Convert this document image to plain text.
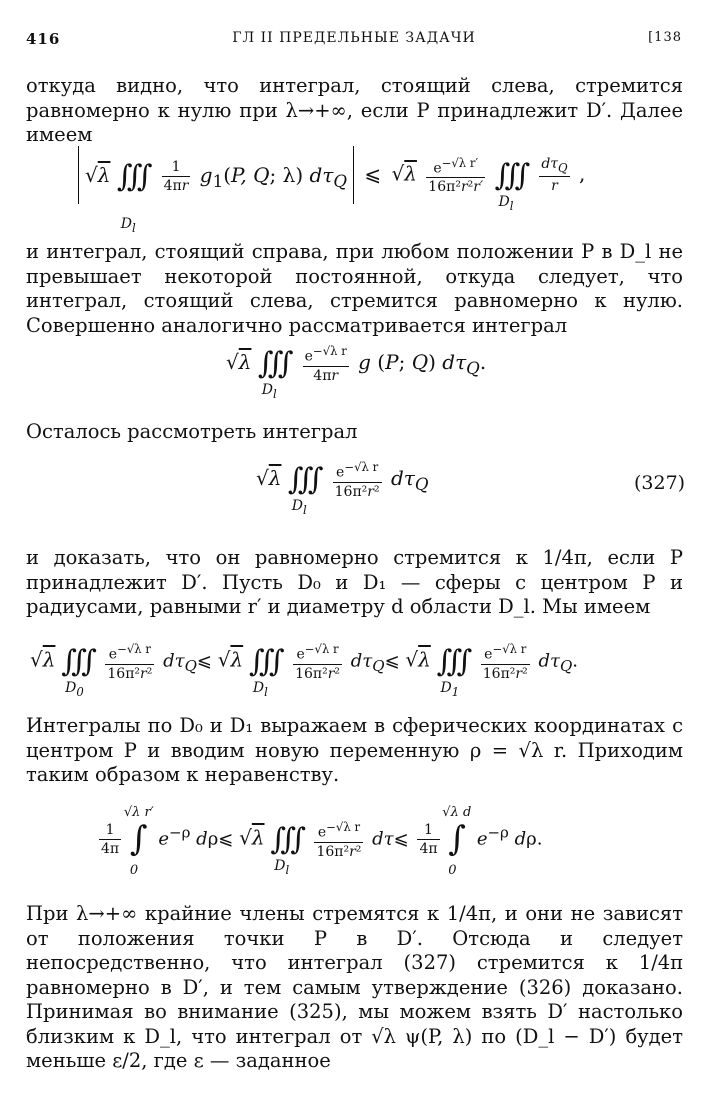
416	ГЛ II ПРЕДЕЛЬНЫЕ ЗАДАЧИ	[138
откуда видно, что интеграл, стоящий слева, стремится равномерно к нулю при λ→+∞, если P принадлежит D′. Далее имеем
√λ ∭
$D_l$

$\frac{1}{4\pi r} g_1(P$, Q; λ) $d\tau_Q$ ⩽ $√\lambda \frac{e^{-√\lambda r'}}{\text{16π²r²r′}}$ ∭
$D_l$

$d\tau_Q$
r
,
и интеграл, стоящий справа, при любом положении P в D_l не превышает некоторой постоянной, откуда следует, что интеграл, стоящий слева, стремится равномерно к нулю. Совершенно аналогично рассматривается интеграл
√λ ∭
$D_l$

$\frac{e^{-√\lambda r}}{4\pi r}$ g (P; Q) $d\tau_Q$.
Осталось рассмотреть интеграл
√λ ∭
$D_l$

$\frac{e^{-√\lambda r}}{\text{16π²r²}} d\tau_Q$	(327)
и доказать, что он равномерно стремится к 1/4π, если P принадлежит D′. Пусть D₀ и D₁ — сферы с центром P и радиусами, равными r′ и диаметру d области D_l. Мы имеем
√λ ∭
$D_0$

$\frac{e^{-√\lambda r}}{\text{16π²r²}}$ $d\tau_Q⩽$ √λ ∭
$D_l$

$\frac{e^{-√\lambda r}}{\text{16π²r²}}$ $d\tau_Q⩽$ √λ ∭
$D_1$

$\frac{e^{-√\lambda r}}{\text{16π²r²}} d\tau_Q$.
Интегралы по D₀ и D₁ выражаем в сферических координатах с центром P и вводим новую переменную ρ = √λ r. Приходим таким образом к неравенству.
$\frac{1}{4\pi}$ ∫
√λ r′
0
$e^{-\rho}$ dρ⩽ √λ ∭
$D_l$

$\frac{e^{-√\lambda r}}{\text{16π²r²}}$ dτ⩽ $\frac{1}{4\pi}$ ∫
√λ d
0
$e^{-\rho}$ dρ.
При λ→+∞ крайние члены стремятся к 1/4π, и они не зависят от положения точки P в D′. Отсюда и следует непосредственно, что интеграл (327) стремится к 1/4π равномерно в D′, и тем самым утверждение (326) доказано. Принимая во внимание (325), мы можем взять D′ настолько близким к D_l, что интеграл от √λ ψ(P, λ) по (D_l − D′) будет меньше ε/2, где ε — заданное
